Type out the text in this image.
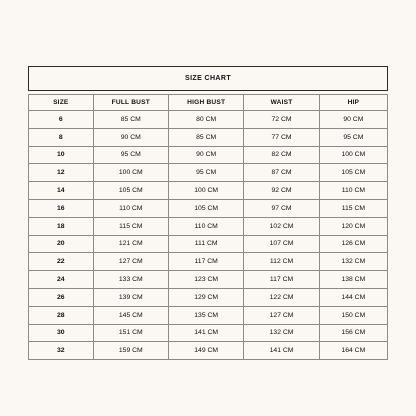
SIZE CHART				

SIZE	FULL BUST	HIGH BUST	WAIST	HIP
6	85 CM	80 CM	72 CM	90 CM
8	90 CM	85 CM	77 CM	95 CM
10	95 CM	90 CM	82 CM	100 CM
12	100 CM	95 CM	87 CM	105 CM
14	105 CM	100 CM	92 CM	110 CM
16	110 CM	105 CM	97 CM	115 CM
18	115 CM	110 CM	102 CM	120 CM
20	121 CM	111 CM	107 CM	126 CM
22	127 CM	117 CM	112 CM	132 CM
24	133 CM	123 CM	117 CM	138 CM
26	139 CM	129 CM	122 CM	144 CM
28	145 CM	135 CM	127 CM	150 CM
30	151 CM	141 CM	132 CM	156 CM
32	159 CM	149 CM	141 CM	164 CM
